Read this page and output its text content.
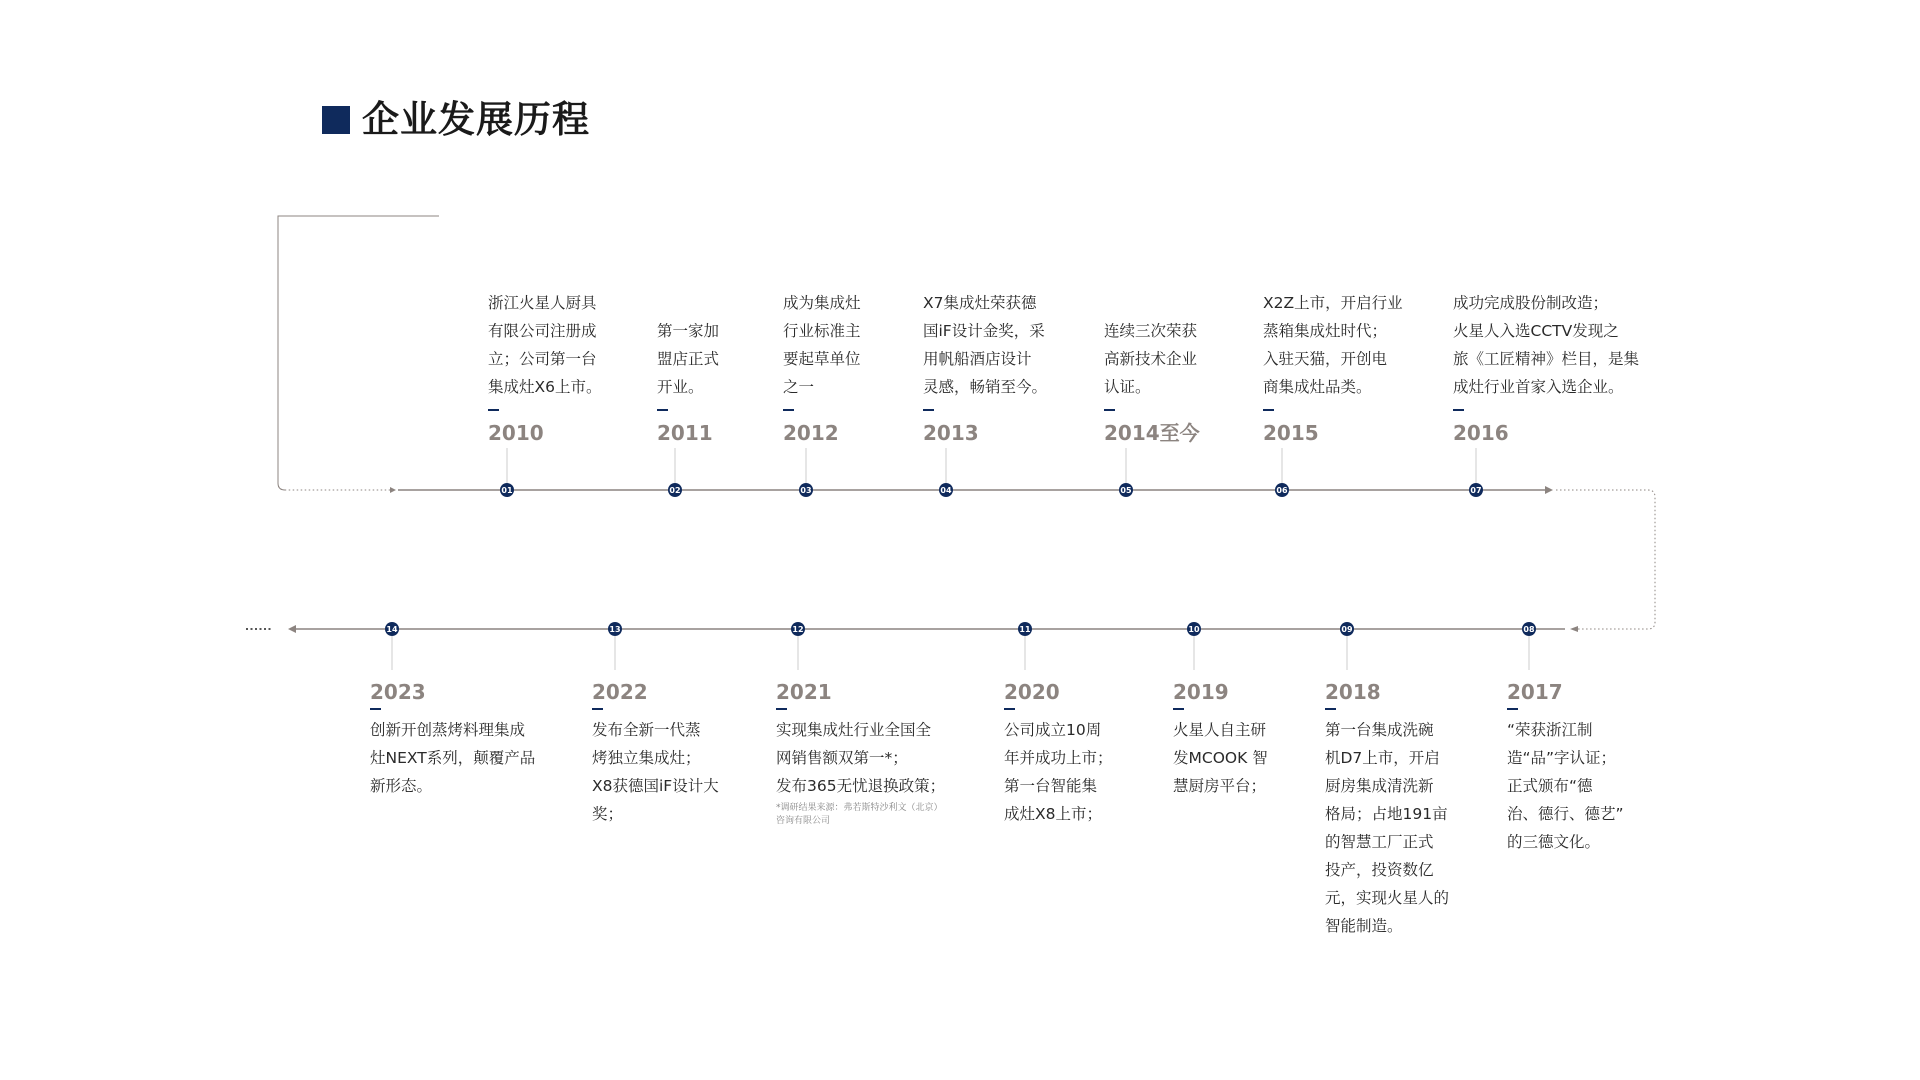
企业发展历程
01	02	03	04	05	06	07
08
09
10
11
12
13
14
浙江火星人厨具
有限公司注册成
立；公司第一台
集成灶X6上市。
2010
第一家加
盟店正式
开业。
2011
成为集成灶
行业标准主
要起草单位
之一
2012
X7集成灶荣获德
国iF设计金奖，采
用帆船酒店设计
灵感，畅销至今。
2013
连续三次荣获
高新技术企业
认证。
2014至今
X2Z上市，开启行业
蒸箱集成灶时代；
入驻天猫，开创电
商集成灶品类。
2015
成功完成股份制改造；
火星人入选CCTV发现之
旅《工匠精神》栏目，是集
成灶行业首家入选企业。
2016
2017
“荣获浙江制
造“品”字认证；
正式颁布“德
治、德行、德艺”
的三德文化。
2018
第一台集成洗碗
机D7上市，开启
厨房集成清洗新
格局；占地191亩
的智慧工厂正式
投产，投资数亿
元，实现火星人的
智能制造。
2019
火星人自主研
发MCOOK 智
慧厨房平台；
2020
公司成立10周
年并成功上市；
第一台智能集
成灶X8上市；
2021
实现集成灶行业全国全
网销售额双第一*；
发布365无忧退换政策；
*调研结果来源：弗若斯特沙利文（北京）
咨询有限公司
2022
发布全新一代蒸
烤独立集成灶；
X8获德国iF设计大
奖；
2023
创新开创蒸烤料理集成
灶NEXT系列，颠覆产品
新形态。
